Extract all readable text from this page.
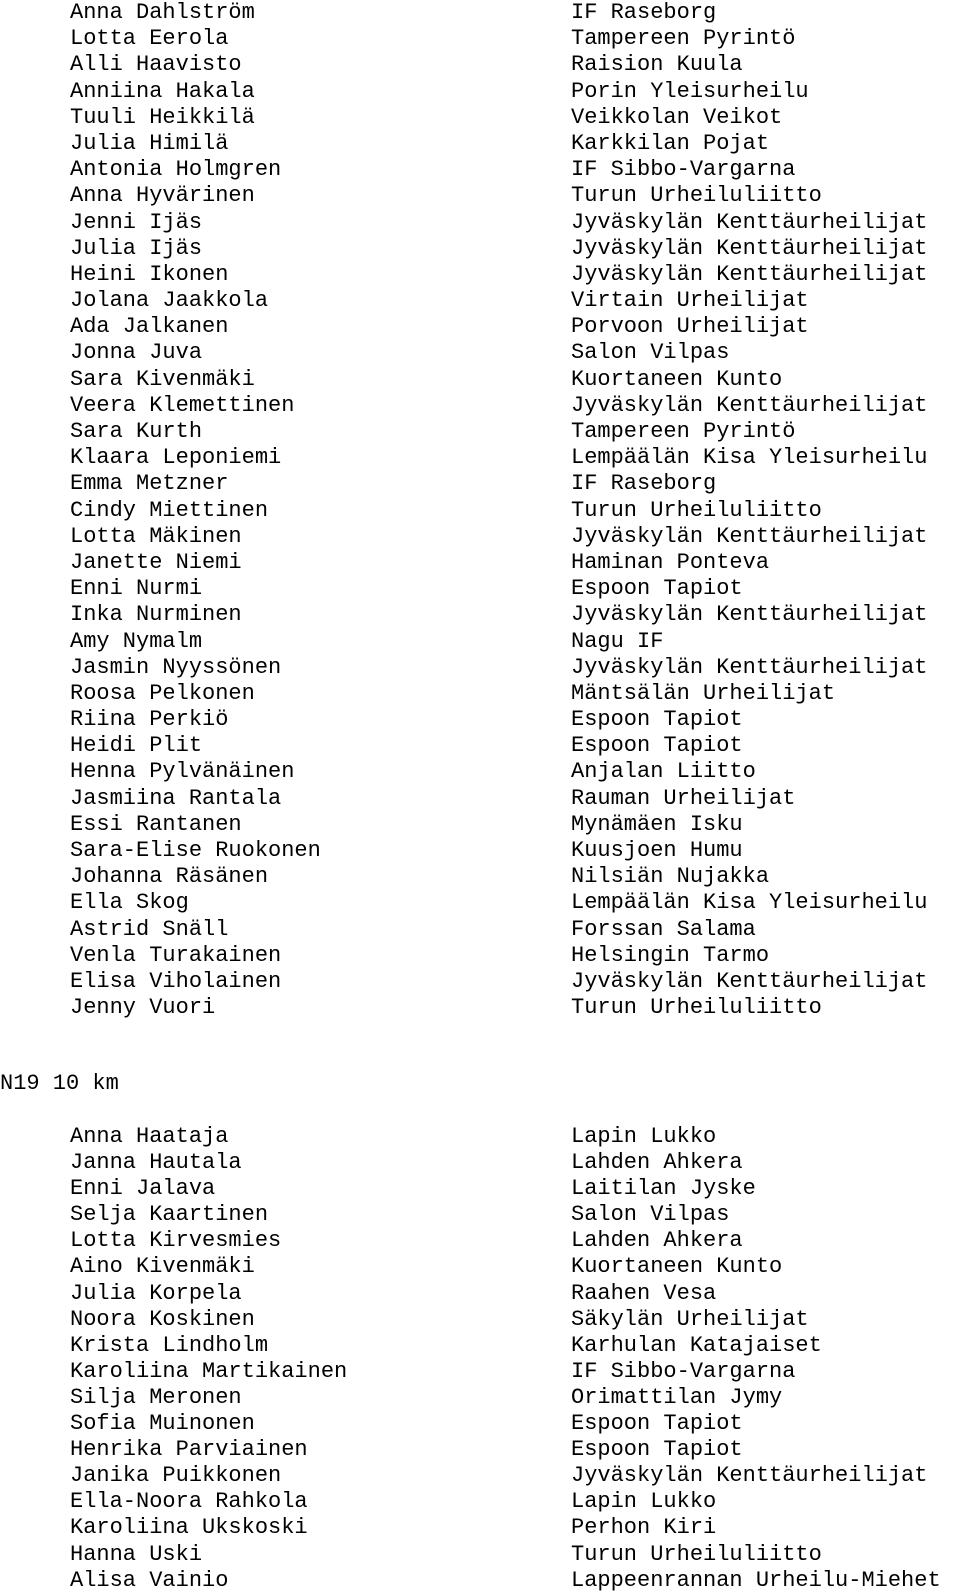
Anna Dahlström	IF Raseborg
Lotta Eerola	Tampereen Pyrintö
Alli Haavisto	Raision Kuula
Anniina Hakala	Porin Yleisurheilu
Tuuli Heikkilä	Veikkolan Veikot
Julia Himilä	Karkkilan Pojat
Antonia Holmgren	IF Sibbo-Vargarna
Anna Hyvärinen	Turun Urheiluliitto
Jenni Ijäs	Jyväskylän Kenttäurheilijat
Julia Ijäs	Jyväskylän Kenttäurheilijat
Heini Ikonen	Jyväskylän Kenttäurheilijat
Jolana Jaakkola	Virtain Urheilijat
Ada Jalkanen	Porvoon Urheilijat
Jonna Juva	Salon Vilpas
Sara Kivenmäki	Kuortaneen Kunto
Veera Klemettinen	Jyväskylän Kenttäurheilijat
Sara Kurth	Tampereen Pyrintö
Klaara Leponiemi	Lempäälän Kisa Yleisurheilu
Emma Metzner	IF Raseborg
Cindy Miettinen	Turun Urheiluliitto
Lotta Mäkinen	Jyväskylän Kenttäurheilijat
Janette Niemi	Haminan Ponteva
Enni Nurmi	Espoon Tapiot
Inka Nurminen	Jyväskylän Kenttäurheilijat
Amy Nymalm	Nagu IF
Jasmin Nyyssönen	Jyväskylän Kenttäurheilijat
Roosa Pelkonen	Mäntsälän Urheilijat
Riina Perkiö	Espoon Tapiot
Heidi Plit	Espoon Tapiot
Henna Pylvänäinen	Anjalan Liitto
Jasmiina Rantala	Rauman Urheilijat
Essi Rantanen	Mynämäen Isku
Sara-Elise Ruokonen	Kuusjoen Humu
Johanna Räsänen	Nilsiän Nujakka
Ella Skog	Lempäälän Kisa Yleisurheilu
Astrid Snäll	Forssan Salama
Venla Turakainen	Helsingin Tarmo
Elisa Viholainen	Jyväskylän Kenttäurheilijat
Jenny Vuori	Turun Urheiluliitto
N19 10 km
Anna Haataja	Lapin Lukko
Janna Hautala	Lahden Ahkera
Enni Jalava	Laitilan Jyske
Selja Kaartinen	Salon Vilpas
Lotta Kirvesmies	Lahden Ahkera
Aino Kivenmäki	Kuortaneen Kunto
Julia Korpela	Raahen Vesa
Noora Koskinen	Säkylän Urheilijat
Krista Lindholm	Karhulan Katajaiset
Karoliina Martikainen	IF Sibbo-Vargarna
Silja Meronen	Orimattilan Jymy
Sofia Muinonen	Espoon Tapiot
Henrika Parviainen	Espoon Tapiot
Janika Puikkonen	Jyväskylän Kenttäurheilijat
Ella-Noora Rahkola	Lapin Lukko
Karoliina Ukskoski	Perhon Kiri
Hanna Uski	Turun Urheiluliitto
Alisa Vainio	Lappeenrannan Urheilu-Miehet
